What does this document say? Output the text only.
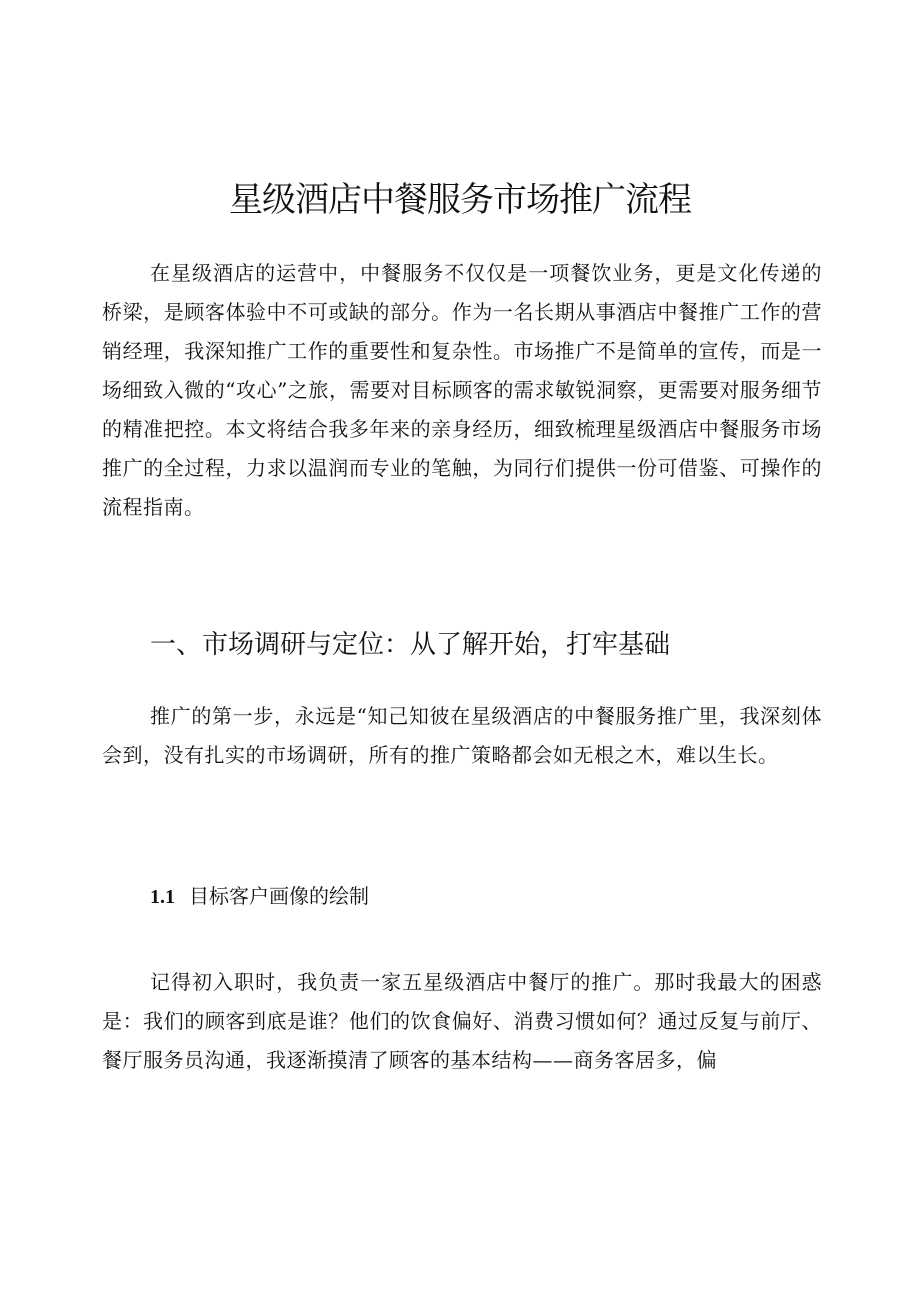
星级酒店中餐服务市场推广流程

在星级酒店的运营中，中餐服务不仅仅是一项餐饮业务，更是文化传递的桥梁，是顾客体验中不可或缺的部分。作为一名长期从事酒店中餐推广工作的营销经理，我深知推广工作的重要性和复杂性。市场推广不是简单的宣传，而是一场细致入微的“攻心”之旅，需要对目标顾客的需求敏锐洞察，更需要对服务细节的精准把控。本文将结合我多年来的亲身经历，细致梳理星级酒店中餐服务市场推广的全过程，力求以温润而专业的笔触，为同行们提供一份可借鉴、可操作的流程指南。

一、市场调研与定位：从了解开始，打牢基础

推广的第一步，永远是“知己知彼在星级酒店的中餐服务推广里，我深刻体会到，没有扎实的市场调研，所有的推广策略都会如无根之木，难以生长。

1.1 目标客户画像的绘制

记得初入职时，我负责一家五星级酒店中餐厅的推广。那时我最大的困惑是：我们的顾客到底是谁？他们的饮食偏好、消费习惯如何？通过反复与前厅、餐厅服务员沟通，我逐渐摸清了顾客的基本结构——商务客居多，偏
